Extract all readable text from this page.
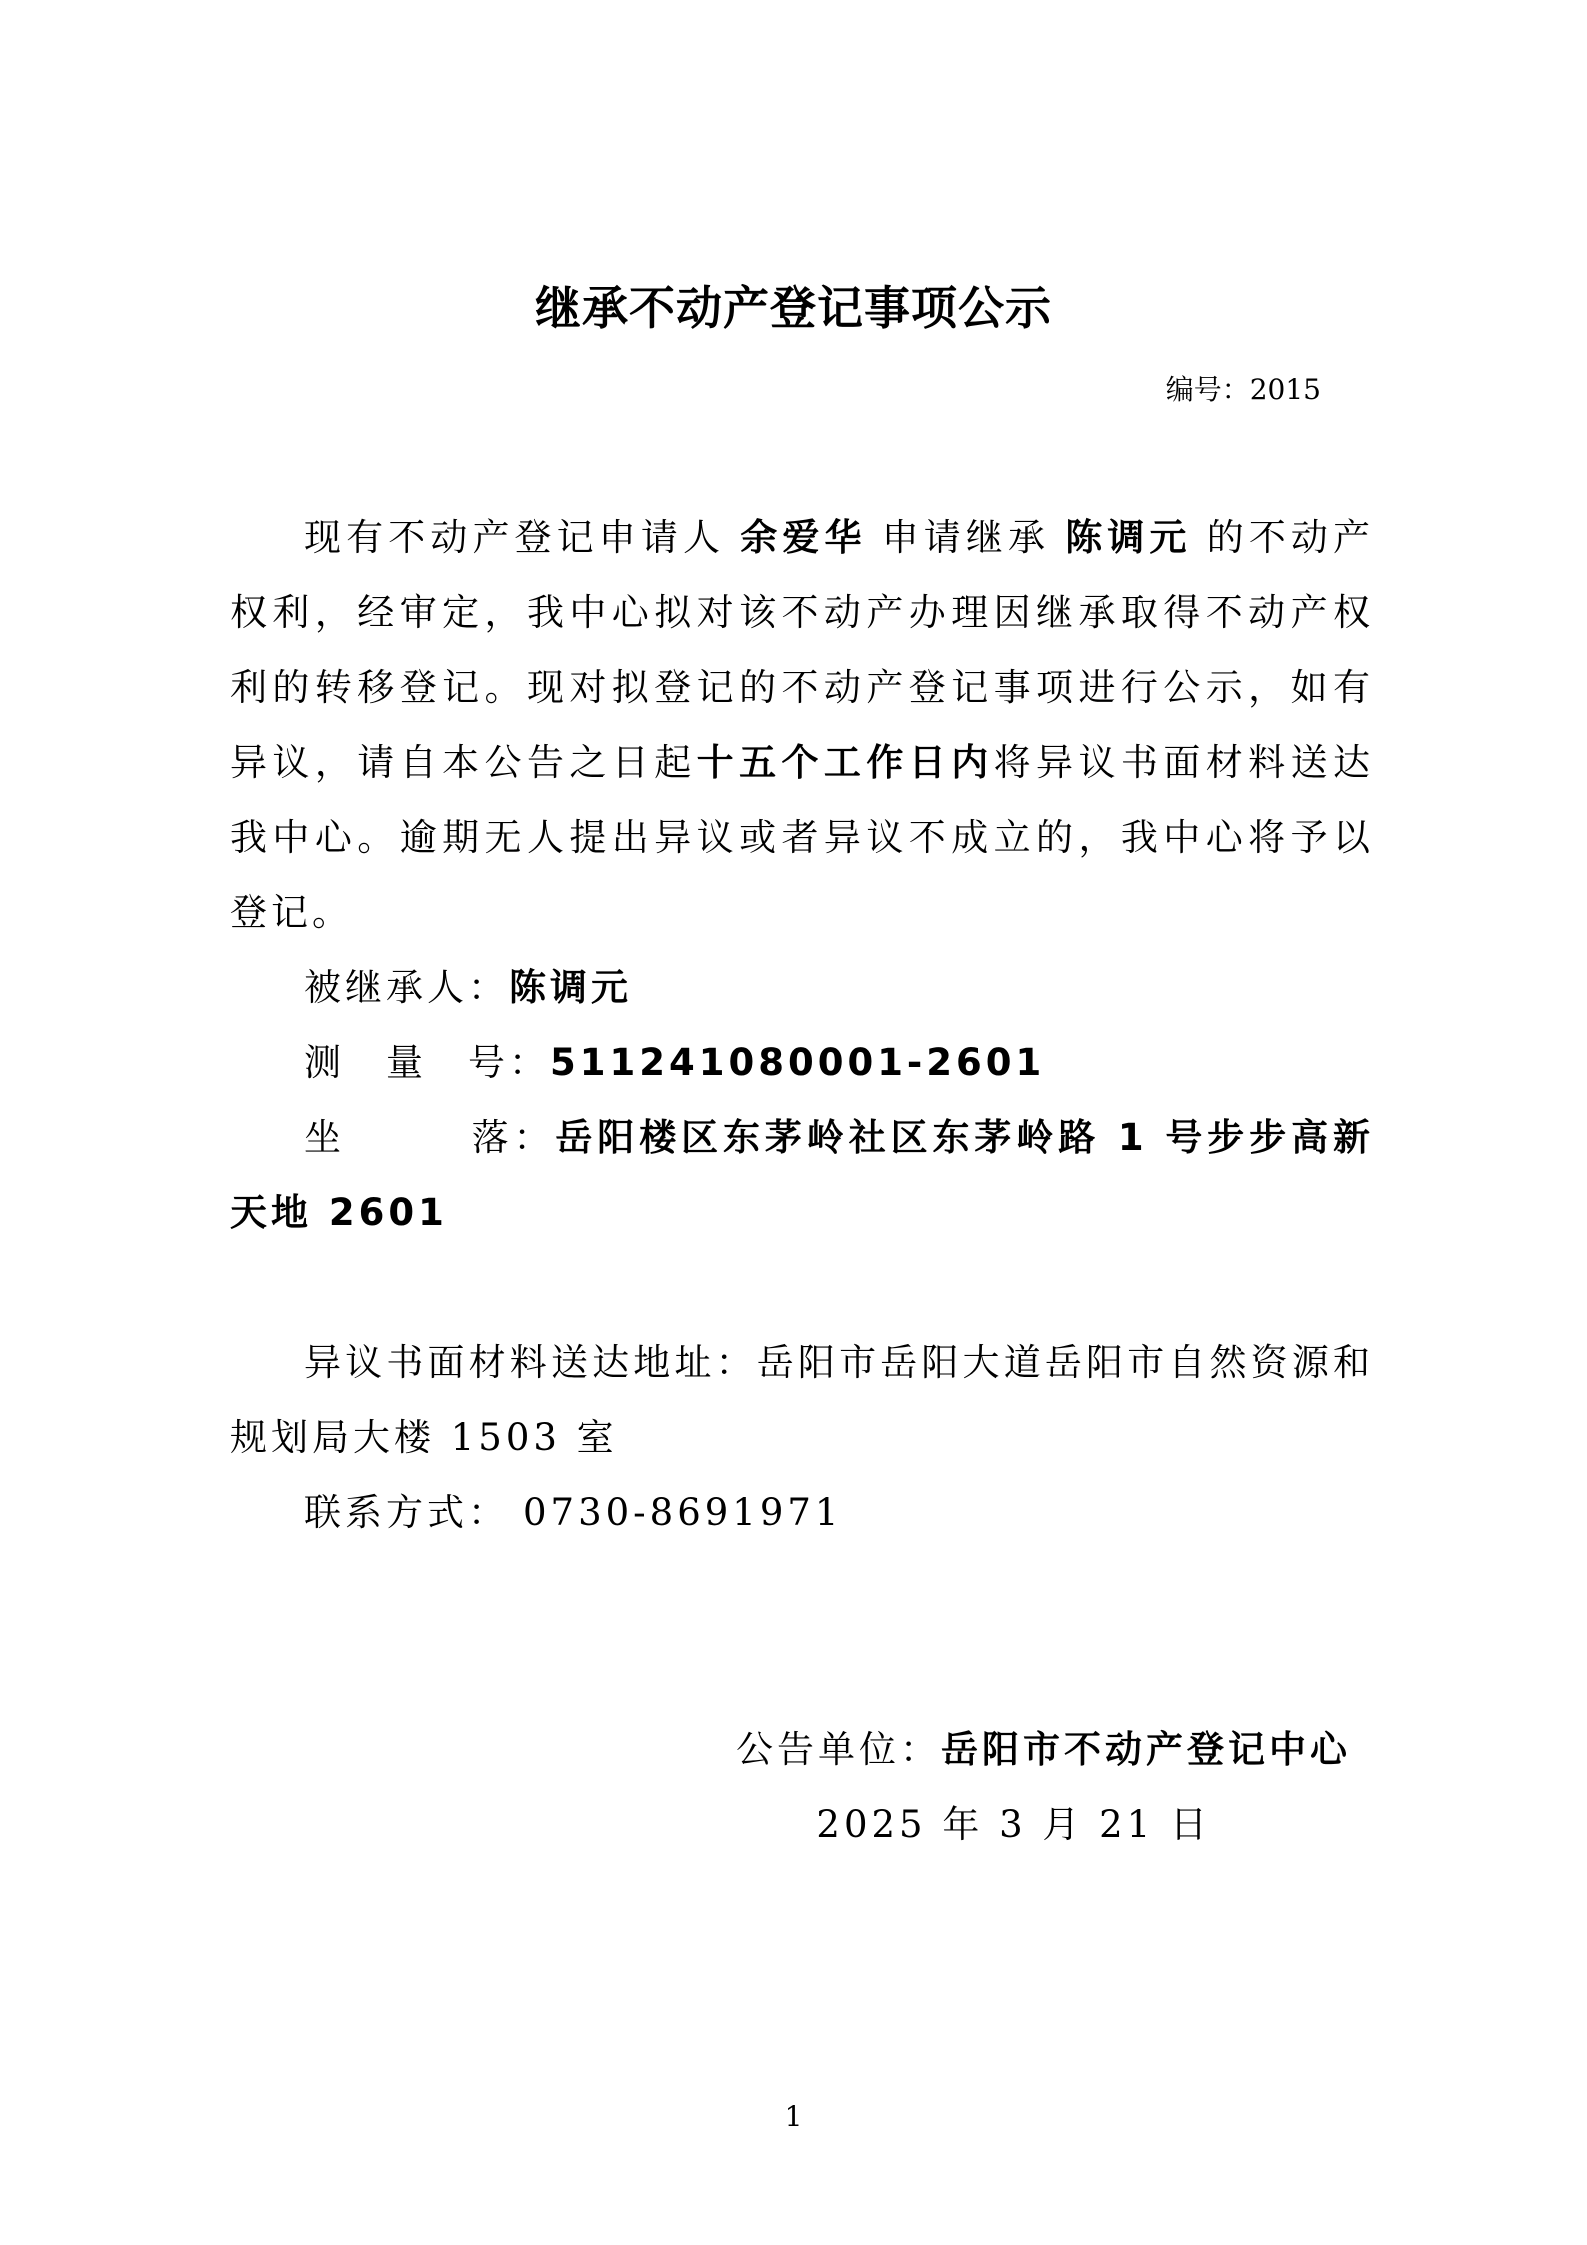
继承不动产登记事项公示
编号：2015

现有不动产登记申请人 余爱华 申请继承 陈调元 的不动产权利，经审定，我中心拟对该不动产办理因继承取得不动产权利的转移登记。现对拟登记的不动产登记事项进行公示，如有异议，请自本公告之日起十五个工作日内将异议书面材料送达我中心。逾期无人提出异议或者异议不成立的，我中心将予以登记。

被继承人：陈调元

测　量　号：511241080001-2601

坐　　　落：岳阳楼区东茅岭社区东茅岭路 1 号步步高新天地 2601

异议书面材料送达地址：岳阳市岳阳大道岳阳市自然资源和规划局大楼 1503 室

联系方式： 0730-8691971

公告单位：岳阳市不动产登记中心
2025 年 3 月 21 日
1
